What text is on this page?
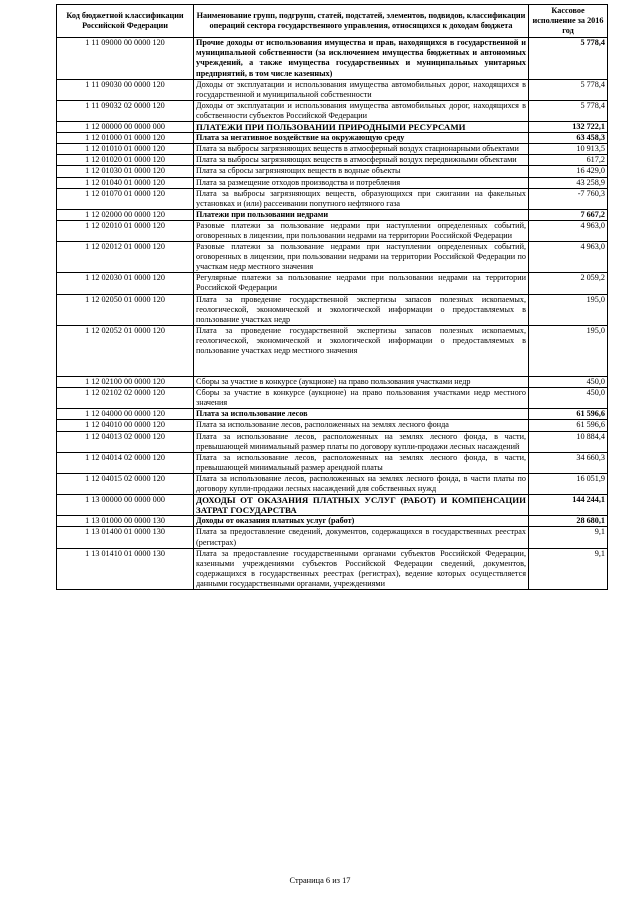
Код бюджетной классификации Российской Федерации	Наименование групп, подгрупп, статей, подстатей, элементов, подвидов, классификации операций сектора государственного управления, относящихся к доходам бюджета	Кассовое исполнение за 2016 год
1 11 09000 00 0000 120	Прочие доходы от использования имущества и прав, находящихся в государственной и муниципальной собственности (за исключением имущества бюджетных и автономных учреждений, а также имущества государственных и муниципальных унитарных предприятий, в том числе казенных)	5 778,4
1 11 09030 00 0000 120	Доходы от эксплуатации и использования имущества автомобильных дорог, находящихся в государственной и муниципальной собственности	5 778,4
1 11 09032 02 0000 120	Доходы от эксплуатации и использования имущества автомобильных дорог, находящихся в собственности субъектов Российской Федерации	5 778,4
1 12 00000 00 0000 000	ПЛАТЕЖИ ПРИ ПОЛЬЗОВАНИИ ПРИРОДНЫМИ РЕСУРСАМИ	132 722,1
1 12 01000 01 0000 120	Плата за негативное воздействие на окружающую среду	63 458,3
1 12 01010 01 0000 120	Плата за выбросы загрязняющих веществ в атмосферный воздух стационарными объектами	10 913,5
1 12 01020 01 0000 120	Плата за выбросы загрязняющих веществ в атмосферный воздух передвижными объектами	617,2
1 12 01030 01 0000 120	Плата за сбросы загрязняющих веществ в водные объекты	16 429,0
1 12 01040 01 0000 120	Плата за размещение отходов производства и потребления	43 258,9
1 12 01070 01 0000 120	Плата за выбросы загрязняющих веществ, образующихся при сжигании на факельных установках и (или) рассеивании попутного нефтяного газа	-7 760,3
1 12 02000 00 0000 120	Платежи при пользовании недрами	7 667,2
1 12 02010 01 0000 120	Разовые платежи за пользование недрами при наступлении определенных событий, оговоренных в лицензии, при пользовании недрами на территории Российской Федерации	4 963,0
1 12 02012 01 0000 120	Разовые платежи за пользование недрами при наступлении определенных событий, оговоренных в лицензии, при пользовании недрами на территории Российской Федерации по участкам недр местного значения	4 963,0
1 12 02030 01 0000 120	Регулярные платежи за пользование недрами при пользовании недрами на территории Российской Федерации	2 059,2
1 12 02050 01 0000 120	Плата за проведение государственной экспертизы запасов полезных ископаемых, геологической, экономической и экологической информации о предоставляемых в пользование участках недр	195,0
1 12 02052 01 0000 120	Плата за проведение государственной экспертизы запасов полезных ископаемых, геологической, экономической и экологической информации о предоставляемых в пользование участках недр местного значения	195,0
1 12 02100 00 0000 120	Сборы за участие в конкурсе (аукционе) на право пользования участками недр	450,0
1 12 02102 02 0000 120	Сборы за участие в конкурсе (аукционе) на право пользования участками недр местного значения	450,0
1 12 04000 00 0000 120	Плата за использование лесов	61 596,6
1 12 04010 00 0000 120	Плата за использование лесов, расположенных на землях лесного фонда	61 596,6
1 12 04013 02 0000 120	Плата за использование лесов, расположенных на землях лесного фонда, в части, превышающей минимальный размер платы по договору купли-продажи лесных насаждений	10 884,4
1 12 04014 02 0000 120	Плата за использование лесов, расположенных на землях лесного фонда, в части, превышающей минимальный размер арендной платы	34 660,3
1 12 04015 02 0000 120	Плата за использование лесов, расположенных на землях лесного фонда, в части платы по договору купли-продажи лесных насаждений для собственных нужд	16 051,9
1 13 00000 00 0000 000	ДОХОДЫ ОТ ОКАЗАНИЯ ПЛАТНЫХ УСЛУГ (РАБОТ) И КОМПЕНСАЦИИ ЗАТРАТ ГОСУДАРСТВА	144 244,1
1 13 01000 00 0000 130	Доходы от оказания платных услуг (работ)	28 680,1
1 13 01400 01 0000 130	Плата за предоставление сведений, документов, содержащихся в государственных реестрах (регистрах)	9,1
1 13 01410 01 0000 130	Плата за предоставление государственными органами субъектов Российской Федерации, казенными учреждениями субъектов Российской Федерации сведений, документов, содержащихся в государственных реестрах (регистрах), ведение которых осуществляется данными государственными органами, учреждениями	9,1
Страница 6 из 17
